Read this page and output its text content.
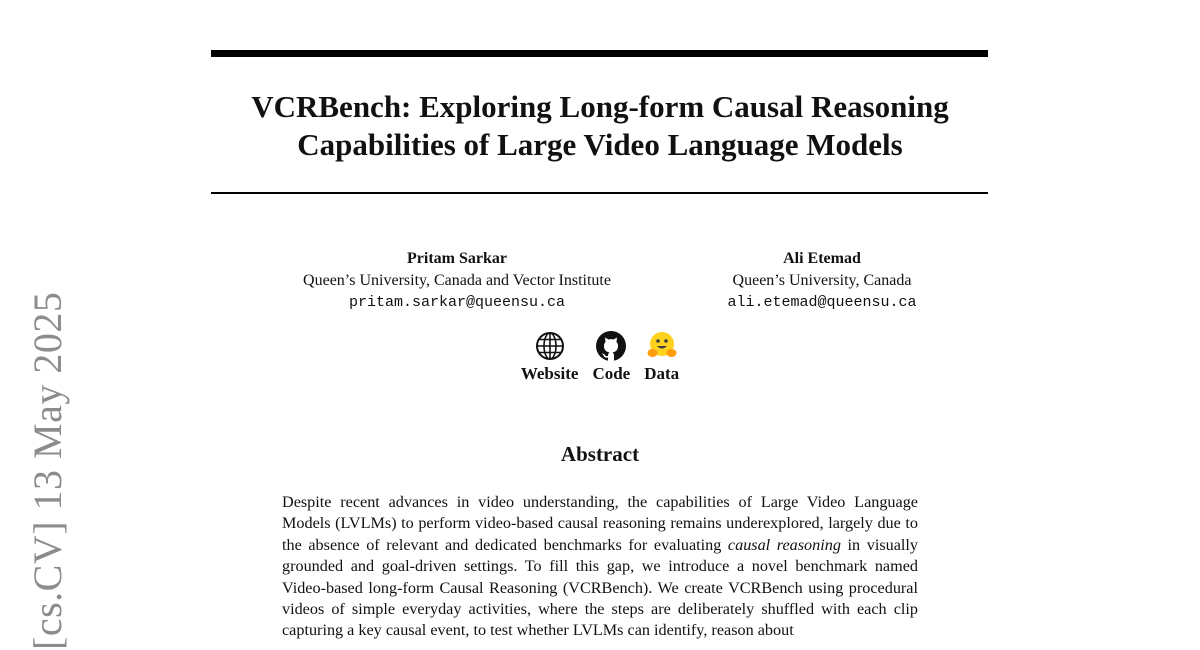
VCRBench: Exploring Long-form Causal Reasoning
Capabilities of Large Video Language Models
Pritam Sarkar
Queen’s University, Canada and Vector Institute
pritam.sarkar@queensu.ca
Ali Etemad
Queen’s University, Canada
ali.etemad@queensu.ca
Website Code Data
Abstract
Despite recent advances in video understanding, the capabilities of Large Video Language Models (LVLMs) to perform video-based causal reasoning remains underexplored, largely due to the absence of relevant and dedicated benchmarks for evaluating causal reasoning in visually grounded and goal-driven settings. To fill this gap, we introduce a novel benchmark named Video-based long-form Causal Reasoning (VCRBench). We create VCRBench using procedural videos of simple everyday activities, where the steps are deliberately shuffled with each clip capturing a key causal event, to test whether LVLMs can identify, reason about
[cs.CV] 13 May 2025
